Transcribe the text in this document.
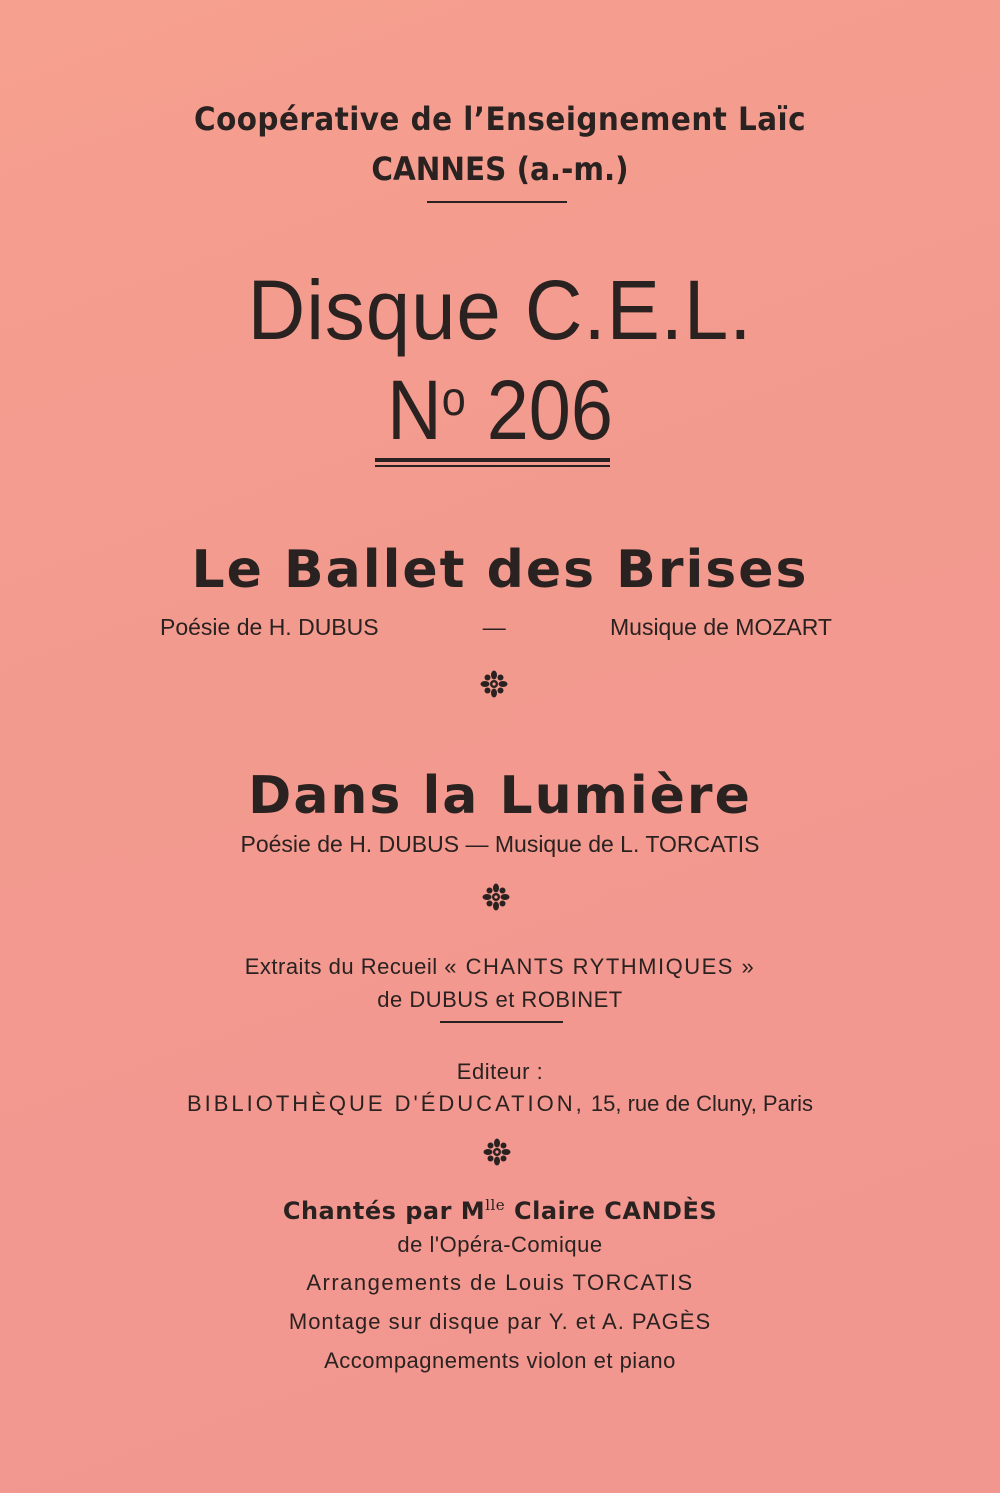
Coopérative de l’Enseignement Laïc
CANNES (a.-m.)
Disque C.E.L.
$N^o$ 206
Le Ballet des Brises
Poésie de H. DUBUS	—	Musique de MOZART
Dans la Lumière
Poésie de H. DUBUS — Musique de L. TORCATIS
Extraits du Recueil « CHANTS RYTHMIQUES »
de DUBUS et ROBINET
Editeur :
BIBLIOTHÈQUE D'ÉDUCATION, 15, rue de Cluny, Paris
Chantés par $M^{lle}$ Claire CANDÈS
de l'Opéra-Comique
Arrangements de Louis TORCATIS
Montage sur disque par Y. et A. PAGÈS
Accompagnements violon et piano
